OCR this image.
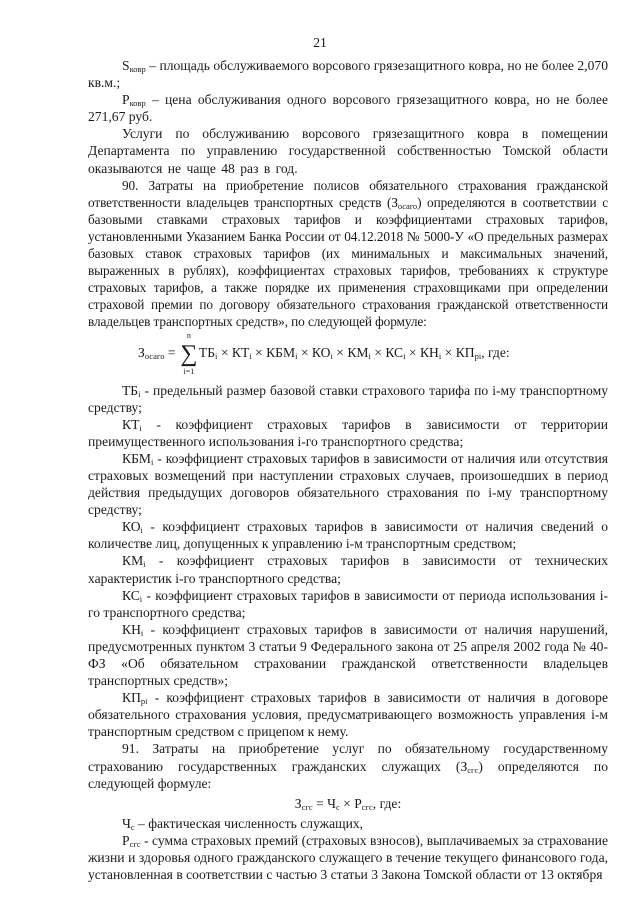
21

$S_{ковр}$ – площадь обслуживаемого ворсового грязезащитного ковра, но не более 2,070 кв.м.;

$P_{ковр}$ – цена обслуживания одного ворсового грязезащитного ковра, но не более 271,67 руб.

Услуги по обслуживанию ворсового грязезащитного ковра в помещении Департамента по управлению государственной собственностью Томской области оказываются не чаще 48 раз в год.

90. Затраты на приобретение полисов обязательного страхования гражданской ответственности владельцев транспортных средств $(З_{осаго})$ определяются в соответствии с базовыми ставками страховых тарифов и коэффициентами страховых тарифов, установленными Указанием Банка России от 04.12.2018 № 5000-У «О предельных размерах базовых ставок страховых тарифов (их минимальных и максимальных значений, выраженных в рублях), коэффициентах страховых тарифов, требованиях к структуре страховых тарифов, а также порядке их применения страховщиками при определении страховой премии по договору обязательного страхования гражданской ответственности владельцев транспортных средств», по следующей формуле:

$З_{осаго}$ =
n
∑
i=1
$ТБ_i \times КТ_i \times КБМ_i \times КО_i \times КМ_i \times КС_i \times КН_i \times КП_{рi}$, где:

$ТБ_i$ - предельный размер базовой ставки страхового тарифа по i-му транспортному средству;

$КТ_i$ - коэффициент страховых тарифов в зависимости от территории преимущественного использования i-го транспортного средства;

$КБМ_i$ - коэффициент страховых тарифов в зависимости от наличия или отсутствия страховых возмещений при наступлении страховых случаев, произошедших в период действия предыдущих договоров обязательного страхования по i-му транспортному средству;

$КО_i$ - коэффициент страховых тарифов в зависимости от наличия сведений о количестве лиц, допущенных к управлению i-м транспортным средством;

$КМ_i$ - коэффициент страховых тарифов в зависимости от технических характеристик i-го транспортного средства;

$КС_i$ - коэффициент страховых тарифов в зависимости от периода использования i-го транспортного средства;

$КН_i$ - коэффициент страховых тарифов в зависимости от наличия нарушений, предусмотренных пунктом 3 статьи 9 Федерального закона от 25 апреля 2002 года № 40-ФЗ «Об обязательном страховании гражданской ответственности владельцев транспортных средств»;

$КП_{рi}$ - коэффициент страховых тарифов в зависимости от наличия в договоре обязательного страхования условия, предусматривающего возможность управления i-м транспортным средством с прицепом к нему.

91. Затраты на приобретение услуг по обязательному государственному страхованию государственных гражданских служащих $(З_{сгс})$ определяются по следующей формуле:

$З_{сгс} = Ч_с \times Р_{сгс}$, где:

$Ч_с$ – фактическая численность служащих,

$Р_{сгс}$ - сумма страховых премий (страховых взносов), выплачиваемых за страхование жизни и здоровья одного гражданского служащего в течение текущего финансового года, установленная в соответствии с частью 3 статьи 3 Закона Томской области от 13 октября
